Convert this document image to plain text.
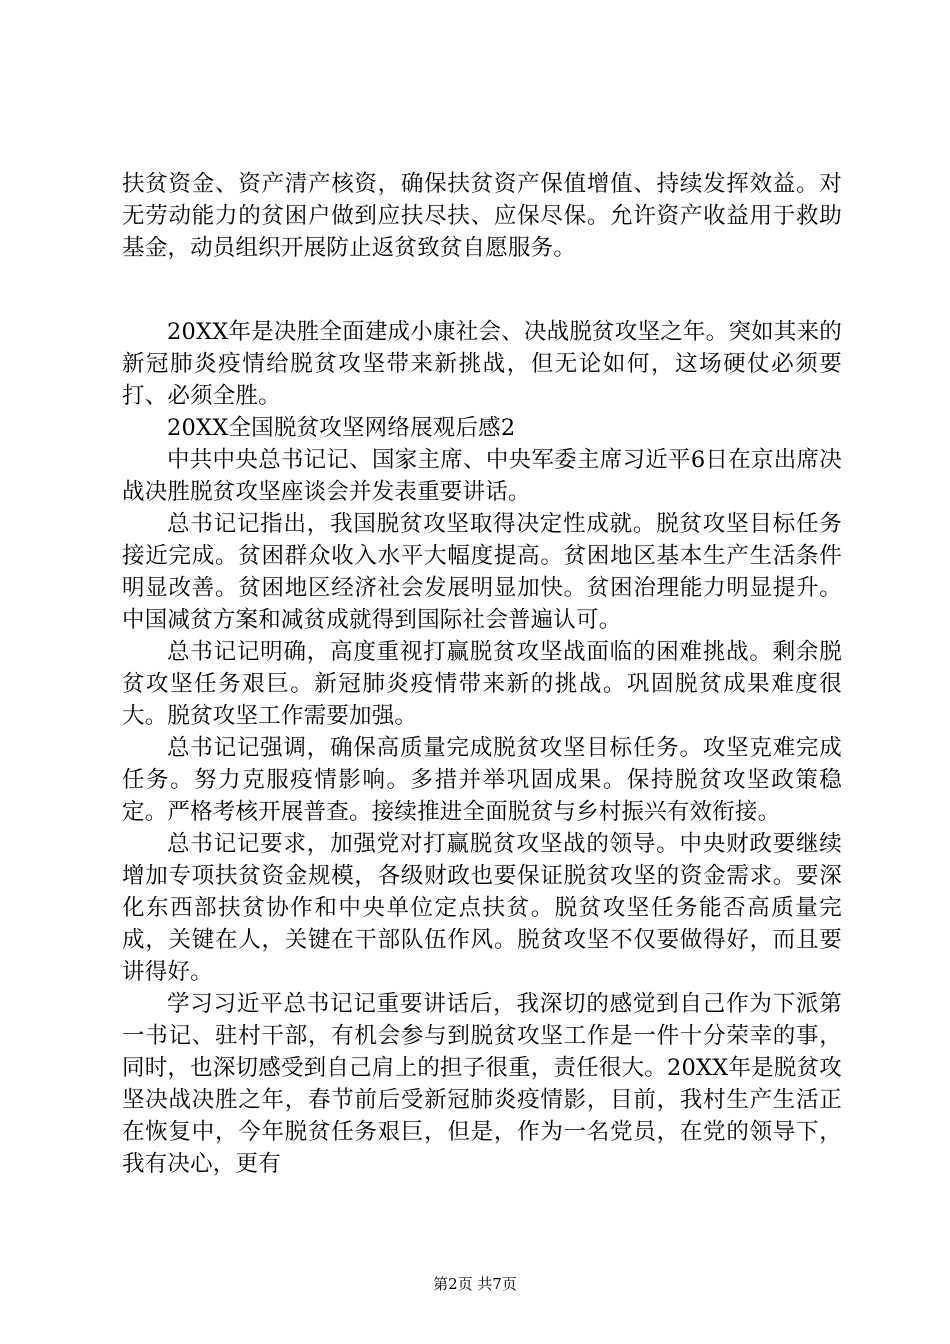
扶贫资金、资产清产核资，确保扶贫资产保值增值、持续发挥效益。对无劳动能力的贫困户做到应扶尽扶、应保尽保。允许资产收益用于救助基金，动员组织开展防止返贫致贫自愿服务。

20XX年是决胜全面建成小康社会、决战脱贫攻坚之年。突如其来的新冠肺炎疫情给脱贫攻坚带来新挑战，但无论如何，这场硬仗必须要打、必须全胜。

20XX全国脱贫攻坚网络展观后感2

中共中央总书记记、国家主席、中央军委主席习近平6日在京出席决战决胜脱贫攻坚座谈会并发表重要讲话。

总书记记指出，我国脱贫攻坚取得决定性成就。脱贫攻坚目标任务接近完成。贫困群众收入水平大幅度提高。贫困地区基本生产生活条件明显改善。贫困地区经济社会发展明显加快。贫困治理能力明显提升。中国减贫方案和减贫成就得到国际社会普遍认可。

总书记记明确，高度重视打赢脱贫攻坚战面临的困难挑战。剩余脱贫攻坚任务艰巨。新冠肺炎疫情带来新的挑战。巩固脱贫成果难度很大。脱贫攻坚工作需要加强。

总书记记强调，确保高质量完成脱贫攻坚目标任务。攻坚克难完成任务。努力克服疫情影响。多措并举巩固成果。保持脱贫攻坚政策稳定。严格考核开展普查。接续推进全面脱贫与乡村振兴有效衔接。

总书记记要求，加强党对打赢脱贫攻坚战的领导。中央财政要继续增加专项扶贫资金规模，各级财政也要保证脱贫攻坚的资金需求。要深化东西部扶贫协作和中央单位定点扶贫。脱贫攻坚任务能否高质量完成，关键在人，关键在干部队伍作风。脱贫攻坚不仅要做得好，而且要讲得好。

学习习近平总书记记重要讲话后，我深切的感觉到自己作为下派第一书记、驻村干部，有机会参与到脱贫攻坚工作是一件十分荣幸的事，同时，也深切感受到自己肩上的担子很重，责任很大。20XX年是脱贫攻坚决战决胜之年，春节前后受新冠肺炎疫情影，目前，我村生产生活正在恢复中，今年脱贫任务艰巨，但是，作为一名党员，在党的领导下，我有决心，更有

第2页 共7页
